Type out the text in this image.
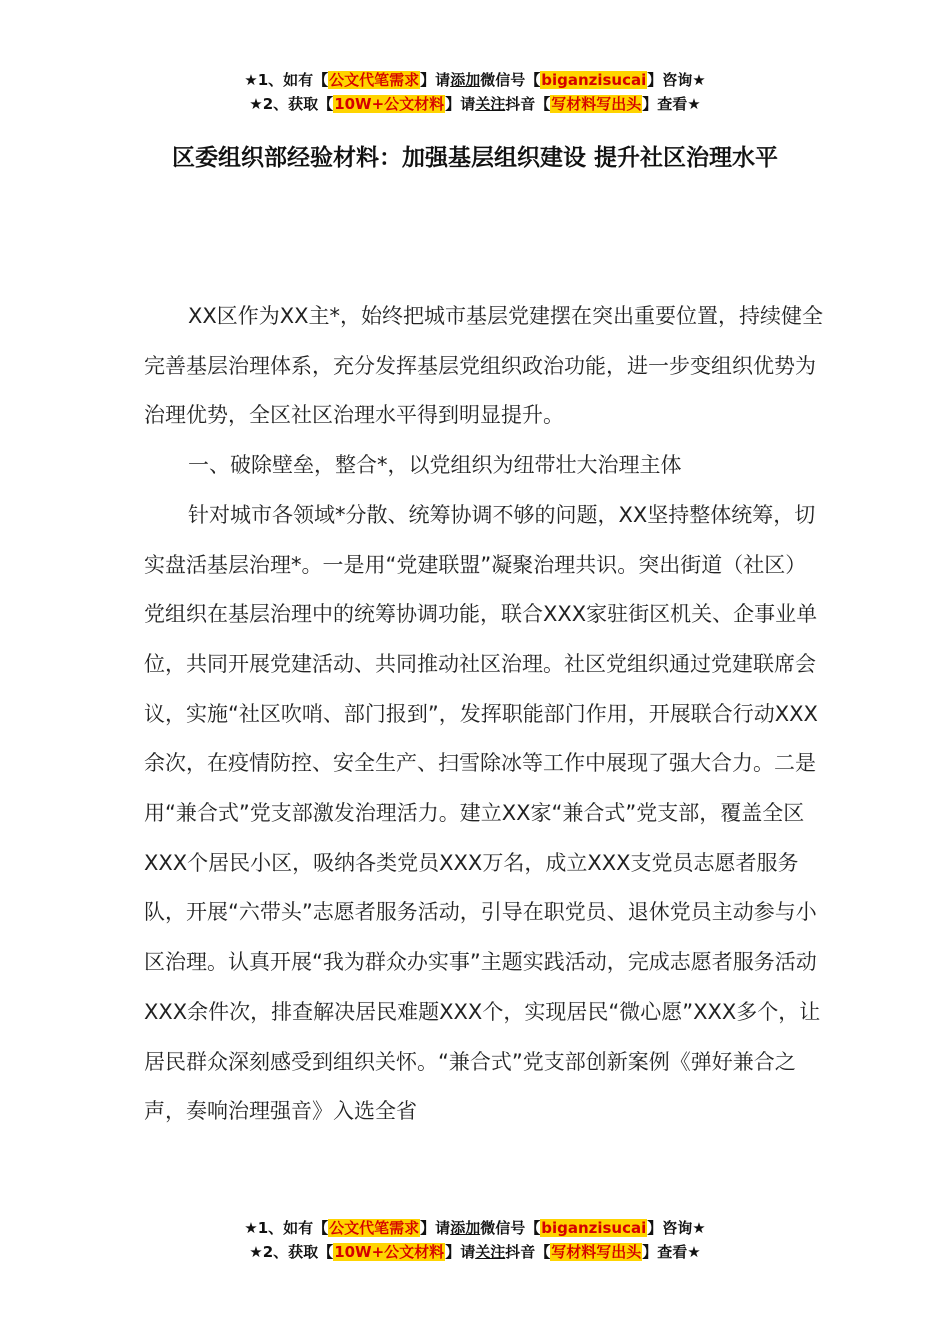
★1、如有【公文代笔需求】请添加微信号【biganzisucai】咨询★
★2、获取【10W+公文材料】请关注抖音【写材料写出头】查看★
区委组织部经验材料：加强基层组织建设 提升社区治理水平

XX区作为XX主*，始终把城市基层党建摆在突出重要位置，持续健全完善基层治理体系，充分发挥基层党组织政治功能，进一步变组织优势为治理优势，全区社区治理水平得到明显提升。

一、破除壁垒，整合*，以党组织为纽带壮大治理主体

针对城市各领域*分散、统筹协调不够的问题，XX坚持整体统筹，切实盘活基层治理*。一是用“党建联盟”凝聚治理共识。突出街道（社区）党组织在基层治理中的统筹协调功能，联合XXX家驻街区机关、企事业单位，共同开展党建活动、共同推动社区治理。社区党组织通过党建联席会议，实施“社区吹哨、部门报到”，发挥职能部门作用，开展联合行动XXX余次，在疫情防控、安全生产、扫雪除冰等工作中展现了强大合力。二是用“兼合式”党支部激发治理活力。建立XX家“兼合式”党支部，覆盖全区XXX个居民小区，吸纳各类党员XXX万名，成立XXX支党员志愿者服务队，开展“六带头”志愿者服务活动，引导在职党员、退休党员主动参与小区治理。认真开展“我为群众办实事”主题实践活动，完成志愿者服务活动XXX余件次，排查解决居民难题XXX个，实现居民“微心愿”XXX多个，让居民群众深刻感受到组织关怀。“兼合式”党支部创新案例《弹好兼合之声，奏响治理强音》入选全省

★1、如有【公文代笔需求】请添加微信号【biganzisucai】咨询★
★2、获取【10W+公文材料】请关注抖音【写材料写出头】查看★
